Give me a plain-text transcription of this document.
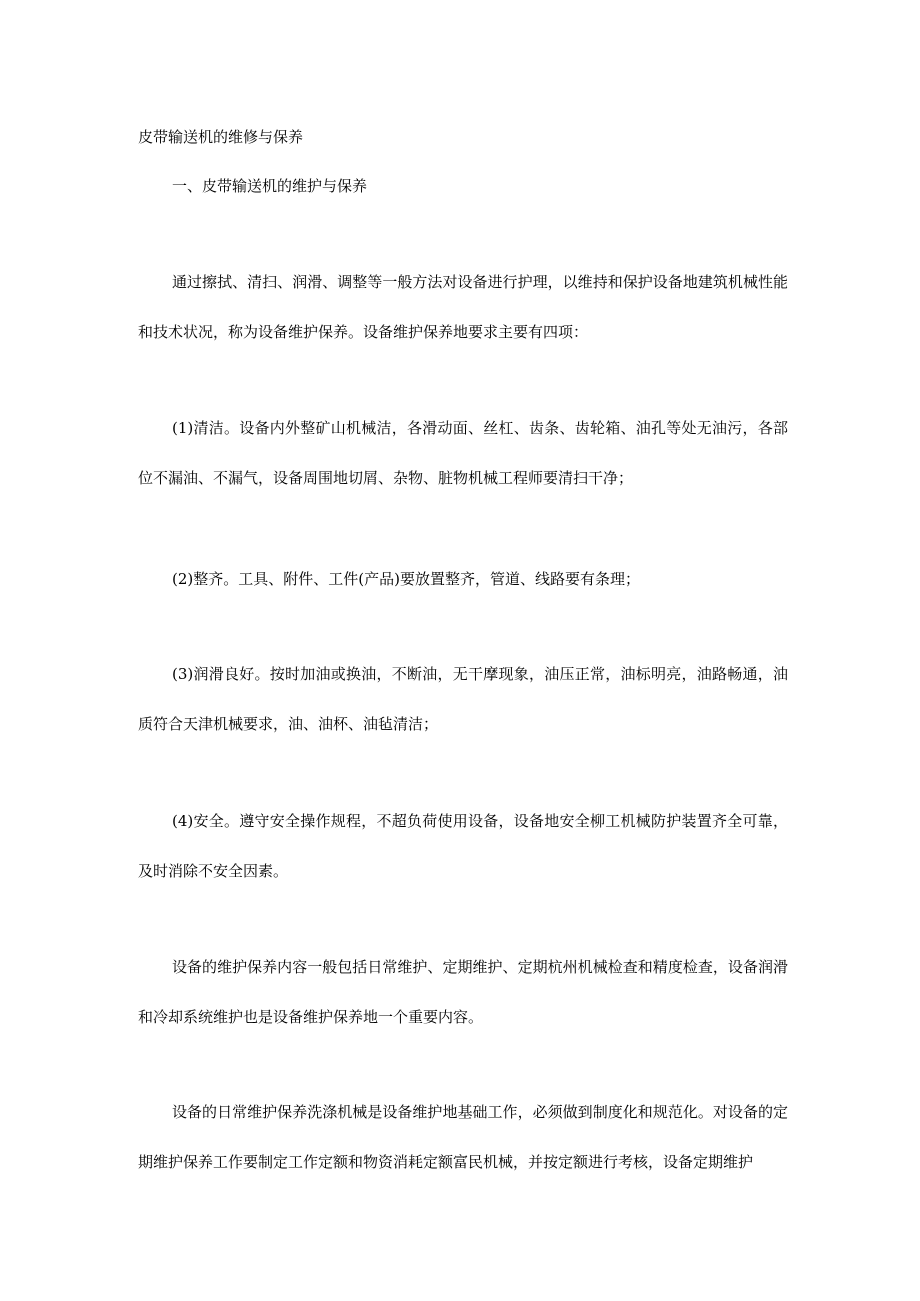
皮带输送机的维修与保养
一、皮带输送机的维护与保养

通过擦拭、清扫、润滑、调整等一般方法对设备进行护理，以维持和保护设备地建筑机械性能和技术状况，称为设备维护保养。设备维护保养地要求主要有四项：

(1)清洁。设备内外整矿山机械洁，各滑动面、丝杠、齿条、齿轮箱、油孔等处无油污，各部位不漏油、不漏气，设备周围地切屑、杂物、脏物机械工程师要清扫干净；

(2)整齐。工具、附件、工件(产品)要放置整齐，管道、线路要有条理；

(3)润滑良好。按时加油或换油，不断油，无干摩现象，油压正常，油标明亮，油路畅通，油质符合天津机械要求，油、油杯、油毡清洁；

(4)安全。遵守安全操作规程，不超负荷使用设备，设备地安全柳工机械防护装置齐全可靠，及时消除不安全因素。

设备的维护保养内容一般包括日常维护、定期维护、定期杭州机械检查和精度检查，设备润滑和冷却系统维护也是设备维护保养地一个重要内容。

设备的日常维护保养洗涤机械是设备维护地基础工作，必须做到制度化和规范化。对设备的定期维护保养工作要制定工作定额和物资消耗定额富民机械，并按定额进行考核，设备定期维护
